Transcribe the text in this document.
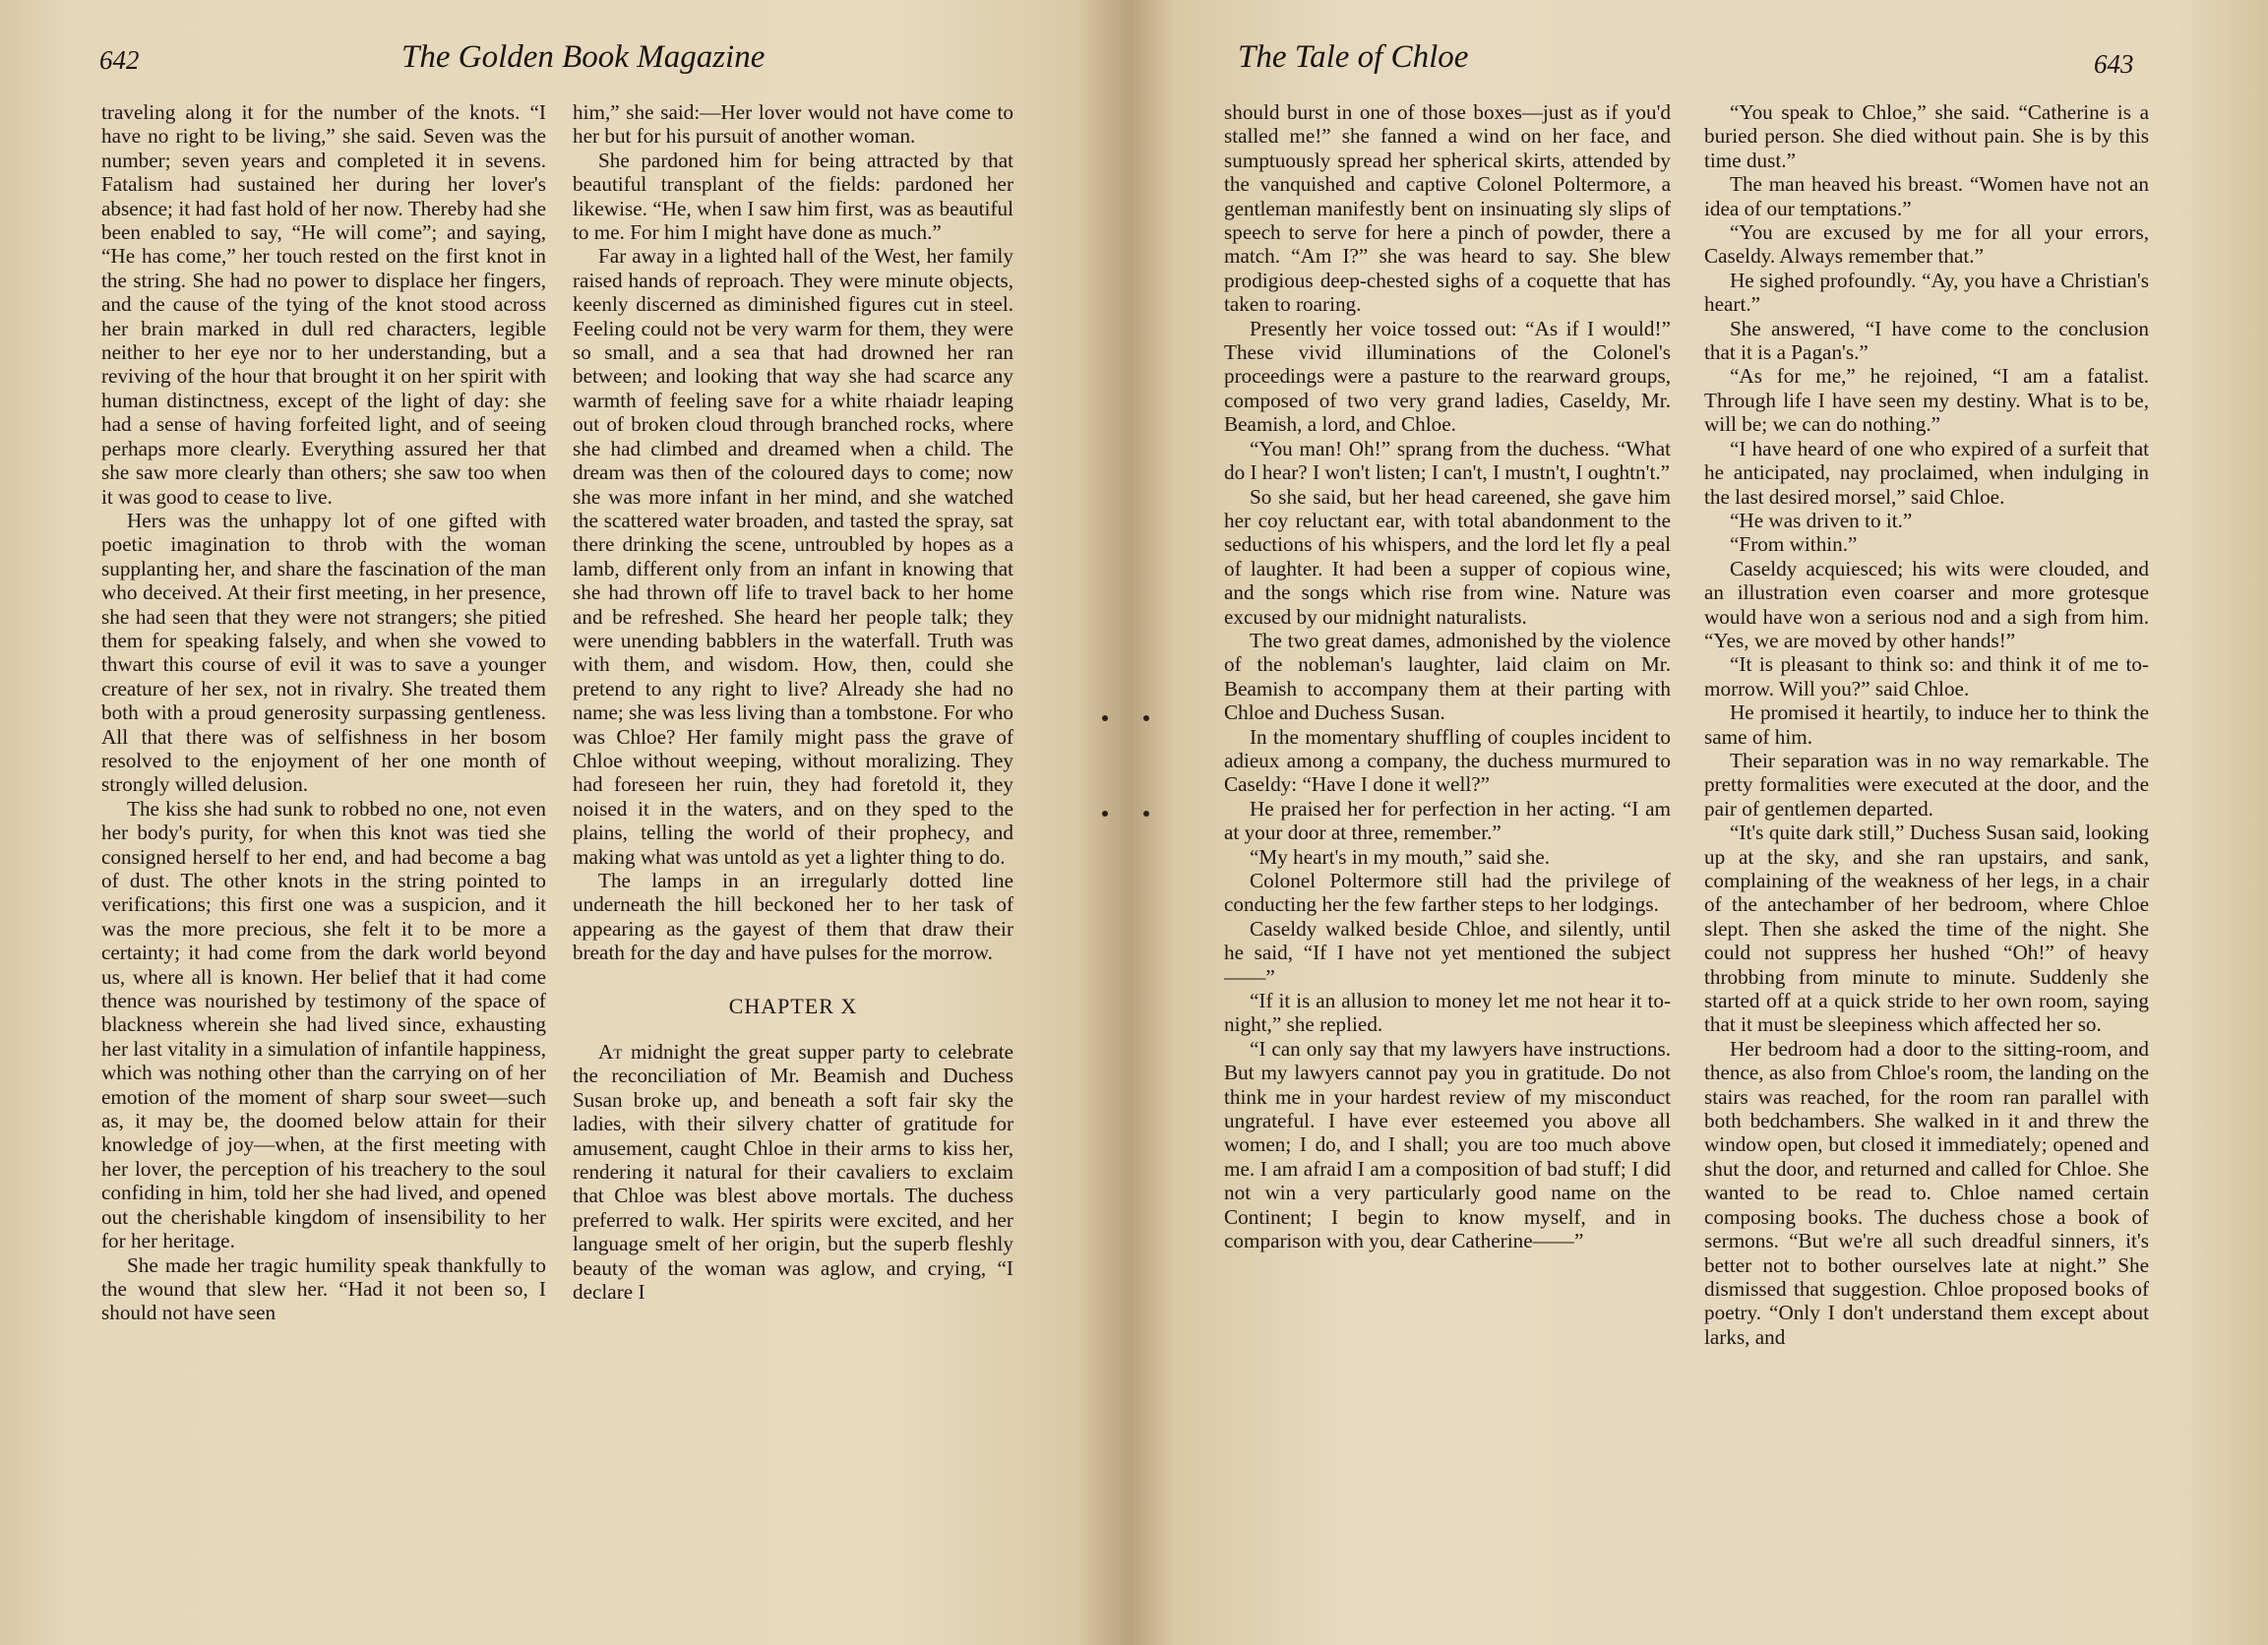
642	The Golden Book Magazine

traveling along it for the number of the knots. “I have no right to be living,” she said. Seven was the number; seven years and completed it in sevens. Fatalism had sustained her during her lover's absence; it had fast hold of her now. Thereby had she been enabled to say, “He will come”; and saying, “He has come,” her touch rested on the first knot in the string. She had no power to displace her fingers, and the cause of the tying of the knot stood across her brain marked in dull red characters, legible neither to her eye nor to her understanding, but a reviving of the hour that brought it on her spirit with human distinctness, except of the light of day: she had a sense of having forfeited light, and of seeing perhaps more clearly. Everything assured her that she saw more clearly than others; she saw too when it was good to cease to live.

Hers was the unhappy lot of one gifted with poetic imagination to throb with the woman supplanting her, and share the fascination of the man who deceived. At their first meeting, in her presence, she had seen that they were not strangers; she pitied them for speaking falsely, and when she vowed to thwart this course of evil it was to save a younger creature of her sex, not in rivalry. She treated them both with a proud generosity surpassing gentleness. All that there was of selfishness in her bosom resolved to the enjoyment of her one month of strongly willed delusion.

The kiss she had sunk to robbed no one, not even her body's purity, for when this knot was tied she consigned herself to her end, and had become a bag of dust. The other knots in the string pointed to verifications; this first one was a suspicion, and it was the more precious, she felt it to be more a certainty; it had come from the dark world beyond us, where all is known. Her belief that it had come thence was nourished by testimony of the space of blackness wherein she had lived since, exhausting her last vitality in a simulation of infantile happiness, which was nothing other than the carrying on of her emotion of the moment of sharp sour sweet—such as, it may be, the doomed below attain for their knowledge of joy—when, at the first meeting with her lover, the perception of his treachery to the soul confiding in him, told her she had lived, and opened out the cherishable kingdom of insensibility to her for her heritage.

She made her tragic humility speak thankfully to the wound that slew her. “Had it not been so, I should not have seen

him,” she said:—Her lover would not have come to her but for his pursuit of another woman.

She pardoned him for being attracted by that beautiful transplant of the fields: pardoned her likewise. “He, when I saw him first, was as beautiful to me. For him I might have done as much.”

Far away in a lighted hall of the West, her family raised hands of reproach. They were minute objects, keenly discerned as diminished figures cut in steel. Feeling could not be very warm for them, they were so small, and a sea that had drowned her ran between; and looking that way she had scarce any warmth of feeling save for a white rhaiadr leaping out of broken cloud through branched rocks, where she had climbed and dreamed when a child. The dream was then of the coloured days to come; now she was more infant in her mind, and she watched the scattered water broaden, and tasted the spray, sat there drinking the scene, untroubled by hopes as a lamb, different only from an infant in knowing that she had thrown off life to travel back to her home and be refreshed. She heard her people talk; they were unending babblers in the waterfall. Truth was with them, and wisdom. How, then, could she pretend to any right to live? Already she had no name; she was less living than a tombstone. For who was Chloe? Her family might pass the grave of Chloe without weeping, without moralizing. They had foreseen her ruin, they had foretold it, they noised it in the waters, and on they sped to the plains, telling the world of their prophecy, and making what was untold as yet a lighter thing to do.

The lamps in an irregularly dotted line underneath the hill beckoned her to her task of appearing as the gayest of them that draw their breath for the day and have pulses for the morrow.

CHAPTER X

At midnight the great supper party to celebrate the reconciliation of Mr. Beamish and Duchess Susan broke up, and beneath a soft fair sky the ladies, with their silvery chatter of gratitude for amusement, caught Chloe in their arms to kiss her, rendering it natural for their cavaliers to exclaim that Chloe was blest above mortals. The duchess preferred to walk. Her spirits were excited, and her language smelt of her origin, but the superb fleshly beauty of the woman was aglow, and crying, “I declare I

The Tale of Chloe	643

should burst in one of those boxes—just as if you'd stalled me!” she fanned a wind on her face, and sumptuously spread her spherical skirts, attended by the vanquished and captive Colonel Poltermore, a gentleman manifestly bent on insinuating sly slips of speech to serve for here a pinch of powder, there a match. “Am I?” she was heard to say. She blew prodigious deep-chested sighs of a coquette that has taken to roaring.

Presently her voice tossed out: “As if I would!” These vivid illuminations of the Colonel's proceedings were a pasture to the rearward groups, composed of two very grand ladies, Caseldy, Mr. Beamish, a lord, and Chloe.

“You man! Oh!” sprang from the duchess. “What do I hear? I won't listen; I can't, I mustn't, I oughtn't.”

So she said, but her head careened, she gave him her coy reluctant ear, with total abandonment to the seductions of his whispers, and the lord let fly a peal of laughter. It had been a supper of copious wine, and the songs which rise from wine. Nature was excused by our midnight naturalists.

The two great dames, admonished by the violence of the nobleman's laughter, laid claim on Mr. Beamish to accompany them at their parting with Chloe and Duchess Susan.

In the momentary shuffling of couples incident to adieux among a company, the duchess murmured to Caseldy: “Have I done it well?”

He praised her for perfection in her acting. “I am at your door at three, remember.”

“My heart's in my mouth,” said she.

Colonel Poltermore still had the privilege of conducting her the few farther steps to her lodgings.

Caseldy walked beside Chloe, and silently, until he said, “If I have not yet mentioned the subject——”

“If it is an allusion to money let me not hear it to-night,” she replied.

“I can only say that my lawyers have instructions. But my lawyers cannot pay you in gratitude. Do not think me in your hardest review of my misconduct ungrateful. I have ever esteemed you above all women; I do, and I shall; you are too much above me. I am afraid I am a composition of bad stuff; I did not win a very particularly good name on the Continent; I begin to know myself, and in comparison with you, dear Catherine——”

“You speak to Chloe,” she said. “Catherine is a buried person. She died without pain. She is by this time dust.”

The man heaved his breast. “Women have not an idea of our temptations.”

“You are excused by me for all your errors, Caseldy. Always remember that.”

He sighed profoundly. “Ay, you have a Christian's heart.”

She answered, “I have come to the conclusion that it is a Pagan's.”

“As for me,” he rejoined, “I am a fatalist. Through life I have seen my destiny. What is to be, will be; we can do nothing.”

“I have heard of one who expired of a surfeit that he anticipated, nay proclaimed, when indulging in the last desired morsel,” said Chloe.

“He was driven to it.”

“From within.”

Caseldy acquiesced; his wits were clouded, and an illustration even coarser and more grotesque would have won a serious nod and a sigh from him. “Yes, we are moved by other hands!”

“It is pleasant to think so: and think it of me to-morrow. Will you?” said Chloe.

He promised it heartily, to induce her to think the same of him.

Their separation was in no way remarkable. The pretty formalities were executed at the door, and the pair of gentlemen departed.

“It's quite dark still,” Duchess Susan said, looking up at the sky, and she ran upstairs, and sank, complaining of the weakness of her legs, in a chair of the antechamber of her bedroom, where Chloe slept. Then she asked the time of the night. She could not suppress her hushed “Oh!” of heavy throbbing from minute to minute. Suddenly she started off at a quick stride to her own room, saying that it must be sleepiness which affected her so.

Her bedroom had a door to the sitting-room, and thence, as also from Chloe's room, the landing on the stairs was reached, for the room ran parallel with both bedchambers. She walked in it and threw the window open, but closed it immediately; opened and shut the door, and returned and called for Chloe. She wanted to be read to. Chloe named certain composing books. The duchess chose a book of sermons. “But we're all such dreadful sinners, it's better not to bother ourselves late at night.” She dismissed that suggestion. Chloe proposed books of poetry. “Only I don't understand them except about larks, and
